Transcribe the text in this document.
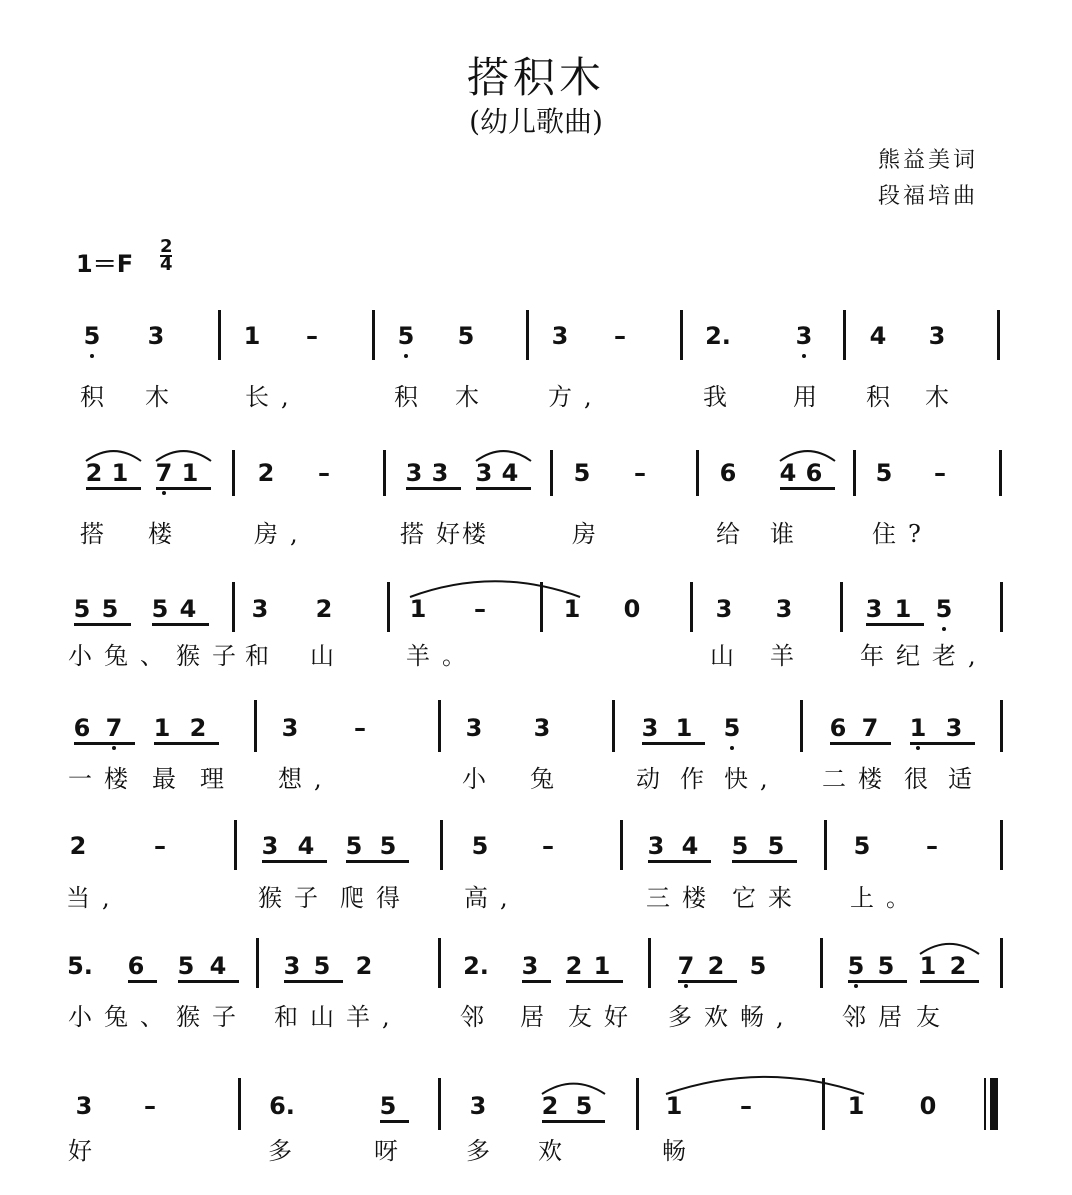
搭积木
(幼儿歌曲)
熊益美词
段福培曲
1＝F
2
4
5 3	1 –	5 5	3 –	2.	3 4 3
积 木	长,	积 木 方,	我 用 积 木
2 1 7 1 2 –	3 3 3 4 5 –	6 4 6 5 –
搭 楼	房,	搭好
楼	房	给 谁	住?
5 5 5 4 3 2	1 –	1 0	3 3	3 1 5
小兔、猴子
和 山	羊。	山 羊 年纪老,
6 7 1 2	3 –	3 3	3 1 5	6 7 1 3
一楼 最 理 想,	小 兔	动 作 快, 二楼 很 适
2	–	3 4 5 5	5 –	3 4 5 5	5 –
当,	猴子 爬得 高,	三楼 它来 上。
5. 6 5 4 3 5 2	2. 3 2 1	7 2 5	5 5 1 2
小 兔、猴子 和山羊, 邻 居 友好 多欢畅, 邻居 友
3 –	6.	5	3 2 5	1 –	1 0
好	多	呀 多 欢	畅
